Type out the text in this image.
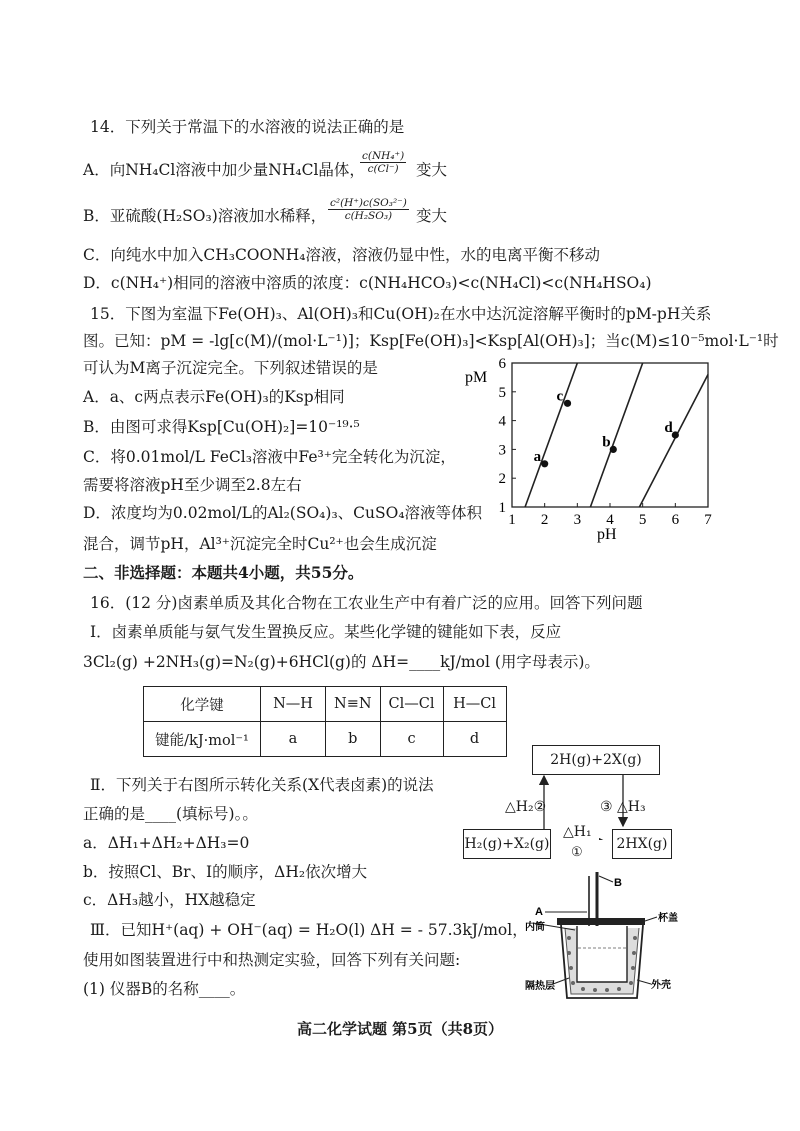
14．下列关于常温下的水溶液的说法正确的是
A．向NH₄Cl溶液中加少量NH₄Cl晶体，
$\frac{\text{c(NH₄⁺)}}{c(Cl^-)}$ 变大
B．亚硫酸(H₂SO₃)溶液加水稀释， $\frac{\text{c²(H⁺)c(SO₃²⁻)}}{\text{c(H₂SO₃)}}$ 变大
C．向纯水中加入CH₃COONH₄溶液，溶液仍显中性，水的电离平衡不移动
D．c(NH₄⁺)相同的溶液中溶质的浓度：c(NH₄HCO₃)<c(NH₄Cl)<c(NH₄HSO₄)
15．下图为室温下Fe(OH)₃、Al(OH)₃和Cu(OH)₂在水中达沉淀溶解平衡时的pM-pH关系
图。已知：pM = -lg[c(M)/(mol·L⁻¹)]；Ksp[Fe(OH)₃]<Ksp[Al(OH)₃]；当c(M)≤10⁻⁵mol·L⁻¹时
可认为M离子沉淀完全。下列叙述错误的是
A．a、c两点表示Fe(OH)₃的Ksp相同
B．由图可求得Ksp[Cu(OH)₂]=10⁻¹⁹·⁵
C．将0.01mol/L FeCl₃溶液中Fe³⁺完全转化为沉淀，
需要将溶液pH至少调至2.8左右
D．浓度均为0.02mol/L的Al₂(SO₄)₃、CuSO₄溶液等体积
混合，调节pH，Al³⁺沉淀完全时Cu²⁺也会生成沉淀
1 2 3 4 5 6 7
1
2
3
4
5
6
a
c
b
d
pM
pH
二、非选择题：本题共4小题，共55分。
16．(12 分)卤素单质及其化合物在工农业生产中有着广泛的应用。回答下列问题
Ⅰ．卤素单质能与氨气发生置换反应。某些化学键的键能如下表，反应
3Cl₂(g) +2NH₃(g)=N₂(g)+6HCl(g)的 ΔH=____kJ/mol (用字母表示)。
化学键	N—H	N≡N	Cl—Cl	H—Cl
键能/kJ·mol⁻¹	a	b	c	d
Ⅱ．下列关于右图所示转化关系(X代表卤素)的说法
正确的是____(填标号)。。
a．ΔH₁+ΔH₂+ΔH₃=0
b．按照Cl、Br、I的顺序，ΔH₂依次增大
c．ΔH₃越小，HX越稳定
Ⅲ．已知H⁺(aq) + OH⁻(aq) = H₂O(l) ΔH = - 57.3kJ/mol，
使用如图装置进行中和热测定实验，回答下列有关问题:
(1) 仪器B的名称____。
2H(g)+2X(g)
H₂(g)+X₂(g)	2HX(g)
△H₂②	③ △H₃
△H₁
①
B
A
内筒
杯盖
隔热层	外壳
高二化学试题 第5页（共8页）
